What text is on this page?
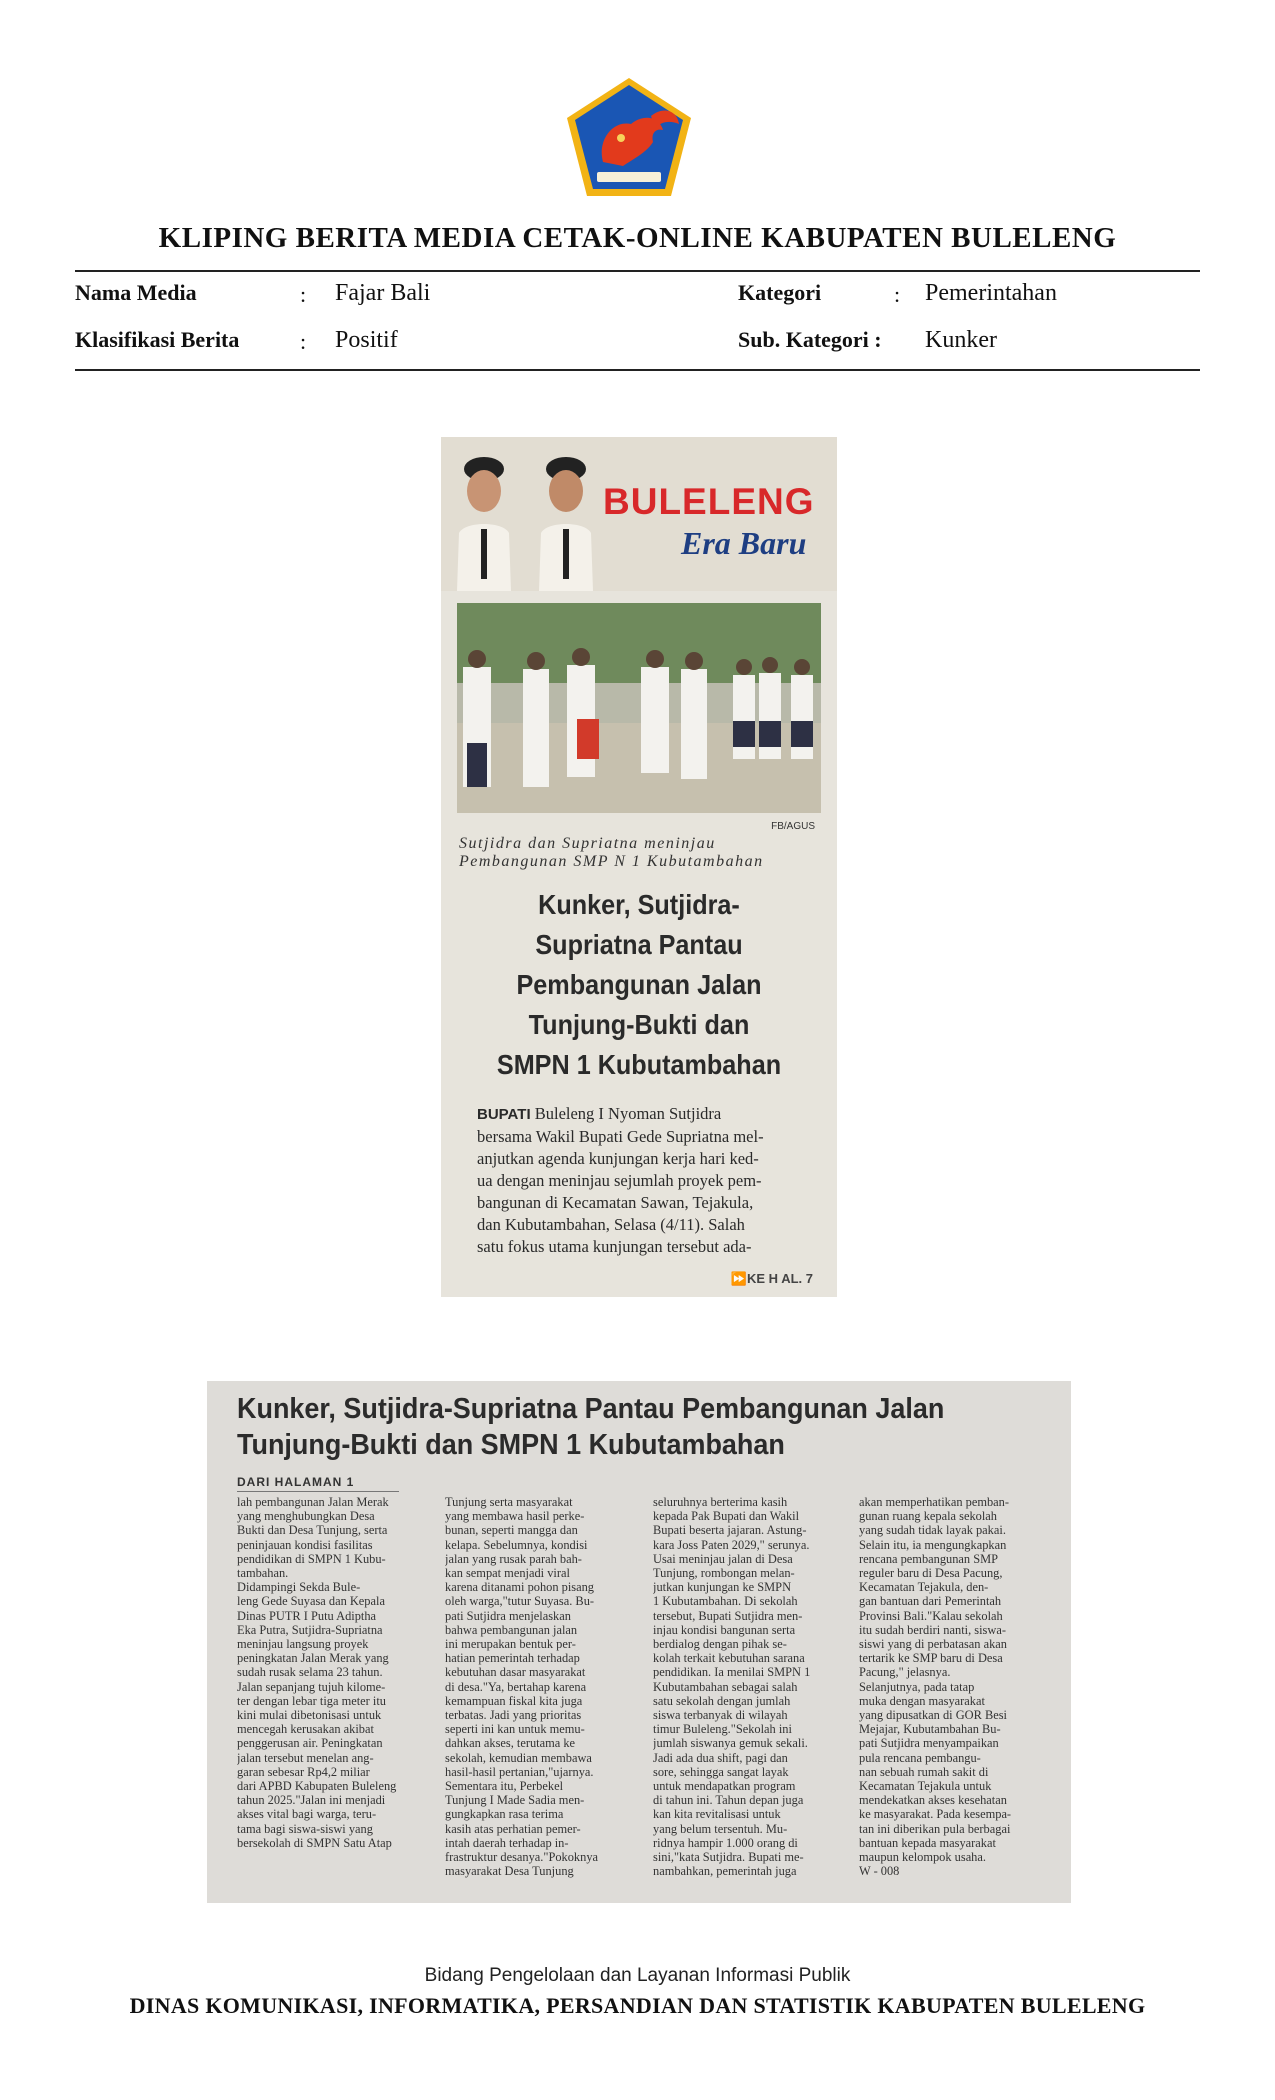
KLIPING BERITA MEDIA CETAK-ONLINE KABUPATEN BULELENG
Nama Media	: Fajar Bali	Kategori	: Pemerintahan
Klasifikasi Berita	: Positif	Sub. Kategori : Kunker
BULELENG
Era Baru
FB/AGUS
Sutjidra dan Supriatna meninjau
Pembangunan SMP N 1 Kubutambahan
Kunker, Sutjidra-
Supriatna Pantau
Pembangunan Jalan
Tunjung-Bukti dan
SMPN 1 Kubutambahan
BUPATI Buleleng I Nyoman Sutjidra
bersama Wakil Bupati Gede Supriatna mel-
anjutkan agenda kunjungan kerja hari ked-
ua dengan meninjau sejumlah proyek pem-
bangunan di Kecamatan Sawan, Tejakula,
dan Kubutambahan, Selasa (4/11). Salah
satu fokus utama kunjungan tersebut ada-
⏩KE H AL. 7
Kunker, Sutjidra-Supriatna Pantau Pembangunan Jalan
Tunjung-Bukti dan SMPN 1 Kubutambahan
DARI HALAMAN 1
lah pembangunan Jalan Merak
yang menghubungkan Desa
Bukti dan Desa Tunjung, serta
peninjauan kondisi fasilitas
pendidikan di SMPN 1 Kubu-
tambahan.
Didampingi Sekda Bule-
leng Gede Suyasa dan Kepala
Dinas PUTR I Putu Adiptha
Eka Putra, Sutjidra-Supriatna
meninjau langsung proyek
peningkatan Jalan Merak yang
sudah rusak selama 23 tahun.
Jalan sepanjang tujuh kilome-
ter dengan lebar tiga meter itu
kini mulai dibetonisasi untuk
mencegah kerusakan akibat
penggerusan air. Peningkatan
jalan tersebut menelan ang-
garan sebesar Rp4,2 miliar
dari APBD Kabupaten Buleleng
tahun 2025."Jalan ini menjadi
akses vital bagi warga, teru-
tama bagi siswa-siswi yang
bersekolah di SMPN Satu Atap
Tunjung serta masyarakat
yang membawa hasil perke-
bunan, seperti mangga dan
kelapa. Sebelumnya, kondisi
jalan yang rusak parah bah-
kan sempat menjadi viral
karena ditanami pohon pisang
oleh warga,"tutur Suyasa. Bu-
pati Sutjidra menjelaskan
bahwa pembangunan jalan
ini merupakan bentuk per-
hatian pemerintah terhadap
kebutuhan dasar masyarakat
di desa."Ya, bertahap karena
kemampuan fiskal kita juga
terbatas. Jadi yang prioritas
seperti ini kan untuk memu-
dahkan akses, terutama ke
sekolah, kemudian membawa
hasil-hasil pertanian,"ujarnya.
Sementara itu, Perbekel
Tunjung I Made Sadia men-
gungkapkan rasa terima
kasih atas perhatian pemer-
intah daerah terhadap in-
frastruktur desanya."Pokoknya
masyarakat Desa Tunjung
seluruhnya berterima kasih
kepada Pak Bupati dan Wakil
Bupati beserta jajaran. Astung-
kara Joss Paten 2029," serunya.
Usai meninjau jalan di Desa
Tunjung, rombongan melan-
jutkan kunjungan ke SMPN
1 Kubutambahan. Di sekolah
tersebut, Bupati Sutjidra men-
injau kondisi bangunan serta
berdialog dengan pihak se-
kolah terkait kebutuhan sarana
pendidikan. Ia menilai SMPN 1
Kubutambahan sebagai salah
satu sekolah dengan jumlah
siswa terbanyak di wilayah
timur Buleleng."Sekolah ini
jumlah siswanya gemuk sekali.
Jadi ada dua shift, pagi dan
sore, sehingga sangat layak
untuk mendapatkan program
di tahun ini. Tahun depan juga
kan kita revitalisasi untuk
yang belum tersentuh. Mu-
ridnya hampir 1.000 orang di
sini,"kata Sutjidra. Bupati me-
nambahkan, pemerintah juga
akan memperhatikan pemban-
gunan ruang kepala sekolah
yang sudah tidak layak pakai.
Selain itu, ia mengungkapkan
rencana pembangunan SMP
reguler baru di Desa Pacung,
Kecamatan Tejakula, den-
gan bantuan dari Pemerintah
Provinsi Bali."Kalau sekolah
itu sudah berdiri nanti, siswa-
siswi yang di perbatasan akan
tertarik ke SMP baru di Desa
Pacung," jelasnya.
Selanjutnya, pada tatap
muka dengan masyarakat
yang dipusatkan di GOR Besi
Mejajar, Kubutambahan Bu-
pati Sutjidra menyampaikan
pula rencana pembangu-
nan sebuah rumah sakit di
Kecamatan Tejakula untuk
mendekatkan akses kesehatan
ke masyarakat. Pada kesempa-
tan ini diberikan pula berbagai
bantuan kepada masyarakat
maupun kelompok usaha.
W - 008
Bidang Pengelolaan dan Layanan Informasi Publik
DINAS KOMUNIKASI, INFORMATIKA, PERSANDIAN DAN STATISTIK KABUPATEN BULELENG
